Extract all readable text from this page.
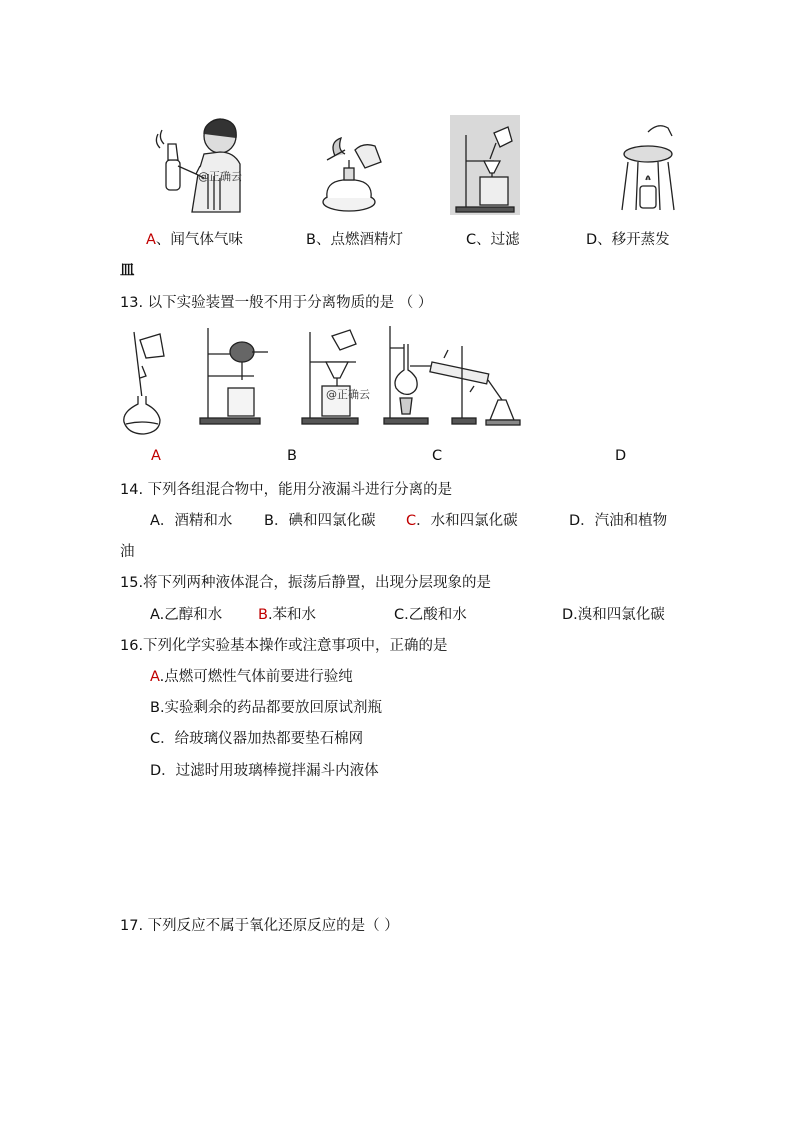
@正确云
A、闻气体气味	B、点燃酒精灯	C、过滤	D、移开蒸发
皿
13. 以下实验装置一般不用于分离物质的是 （ ）
@正确云
A	B	C	D
14. 下列各组混合物中，能用分液漏斗进行分离的是
A．酒精和水 B．碘和四氯化碳 C．水和四氯化碳	D．汽油和植物
油
15.将下列两种液体混合，振荡后静置，出现分层现象的是
A.乙醇和水 B.苯和水	C.乙酸和水	D.溴和四氯化碳
16.下列化学实验基本操作或注意事项中，正确的是
A.点燃可燃性气体前要进行验纯
B.实验剩余的药品都要放回原试剂瓶
C．给玻璃仪器加热都要垫石棉网
D．过滤时用玻璃棒搅拌漏斗内液体
17. 下列反应不属于氧化还原反应的是（ ）
